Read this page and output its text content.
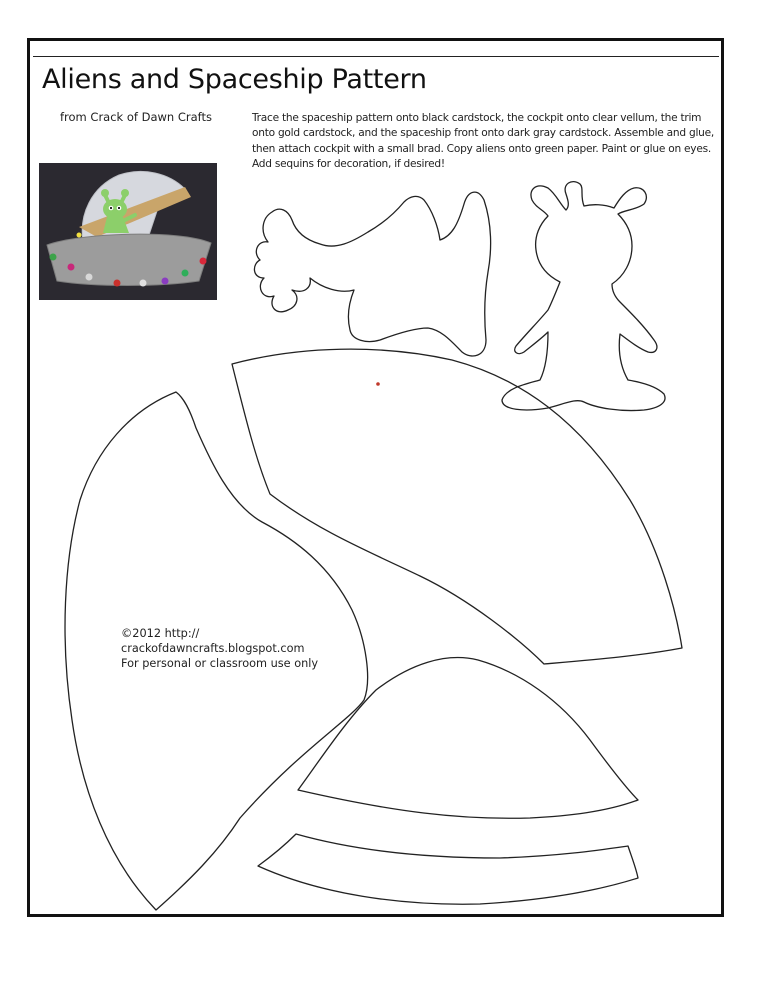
Aliens and Spaceship Pattern
from Crack of Dawn Crafts	Trace the spaceship pattern onto black cardstock, the cockpit onto clear vellum, the trim onto gold cardstock, and the spaceship front onto dark gray cardstock. Assemble and glue, then attach cockpit with a small brad. Copy aliens onto green paper. Paint or glue on eyes. Add sequins for decoration, if desired!

©2012 http://
crackofdawncrafts.blogspot.com
For personal or classroom use only
